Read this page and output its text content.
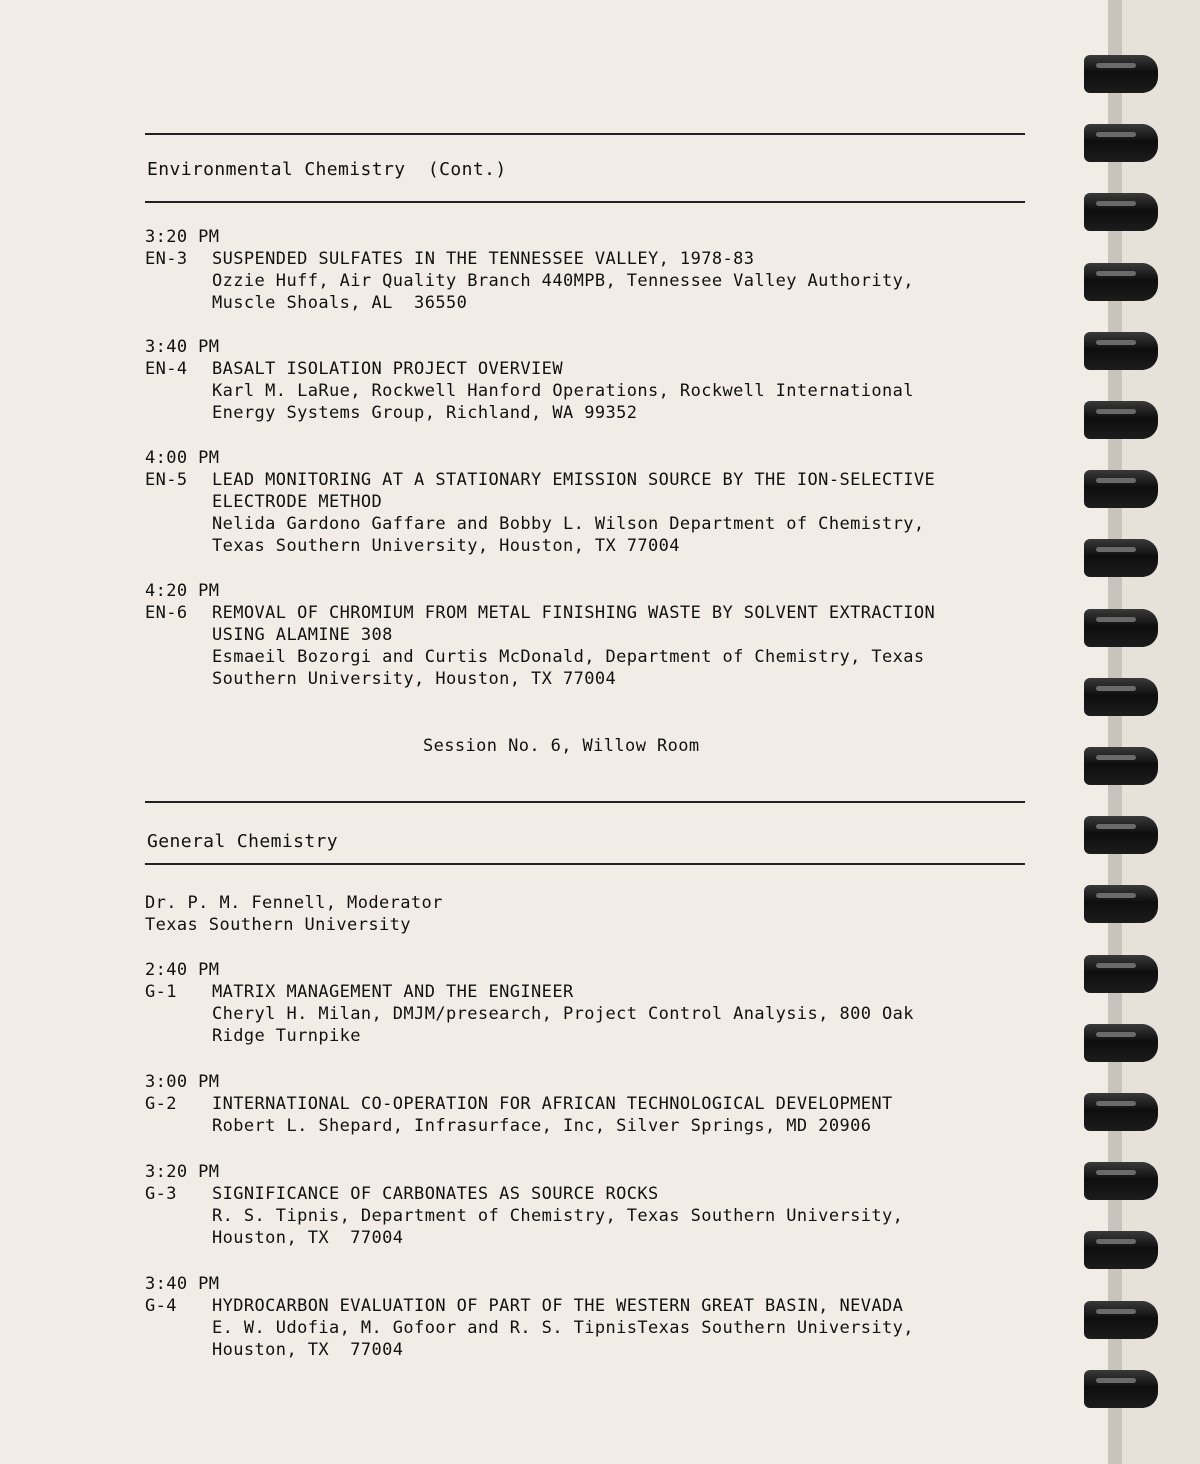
Environmental Chemistry  (Cont.)
3:20 PM
EN-3 SUSPENDED SULFATES IN THE TENNESSEE VALLEY, 1978-83
Ozzie Huff, Air Quality Branch 440MPB, Tennessee Valley Authority,
Muscle Shoals, AL  36550
3:40 PM
EN-4 BASALT ISOLATION PROJECT OVERVIEW
Karl M. LaRue, Rockwell Hanford Operations, Rockwell International
Energy Systems Group, Richland, WA 99352
4:00 PM
EN-5 LEAD MONITORING AT A STATIONARY EMISSION SOURCE BY THE ION-SELECTIVE
ELECTRODE METHOD
Nelida Gardono Gaffare and Bobby L. Wilson Department of Chemistry,
Texas Southern University, Houston, TX 77004
4:20 PM
EN-6 REMOVAL OF CHROMIUM FROM METAL FINISHING WASTE BY SOLVENT EXTRACTION
USING ALAMINE 308
Esmaeil Bozorgi and Curtis McDonald, Department of Chemistry, Texas
Southern University, Houston, TX 77004
Session No. 6, Willow Room
General Chemistry
Dr. P. M. Fennell, Moderator
Texas Southern University
2:40 PM
G-1 MATRIX MANAGEMENT AND THE ENGINEER
Cheryl H. Milan, DMJM/presearch, Project Control Analysis, 800 Oak
Ridge Turnpike
3:00 PM
G-2 INTERNATIONAL CO-OPERATION FOR AFRICAN TECHNOLOGICAL DEVELOPMENT
Robert L. Shepard, Infrasurface, Inc, Silver Springs, MD 20906
3:20 PM
G-3 SIGNIFICANCE OF CARBONATES AS SOURCE ROCKS
R. S. Tipnis, Department of Chemistry, Texas Southern University,
Houston, TX  77004
3:40 PM
G-4 HYDROCARBON EVALUATION OF PART OF THE WESTERN GREAT BASIN, NEVADA
E. W. Udofia, M. Gofoor and R. S. TipnisTexas Southern University,
Houston, TX  77004
